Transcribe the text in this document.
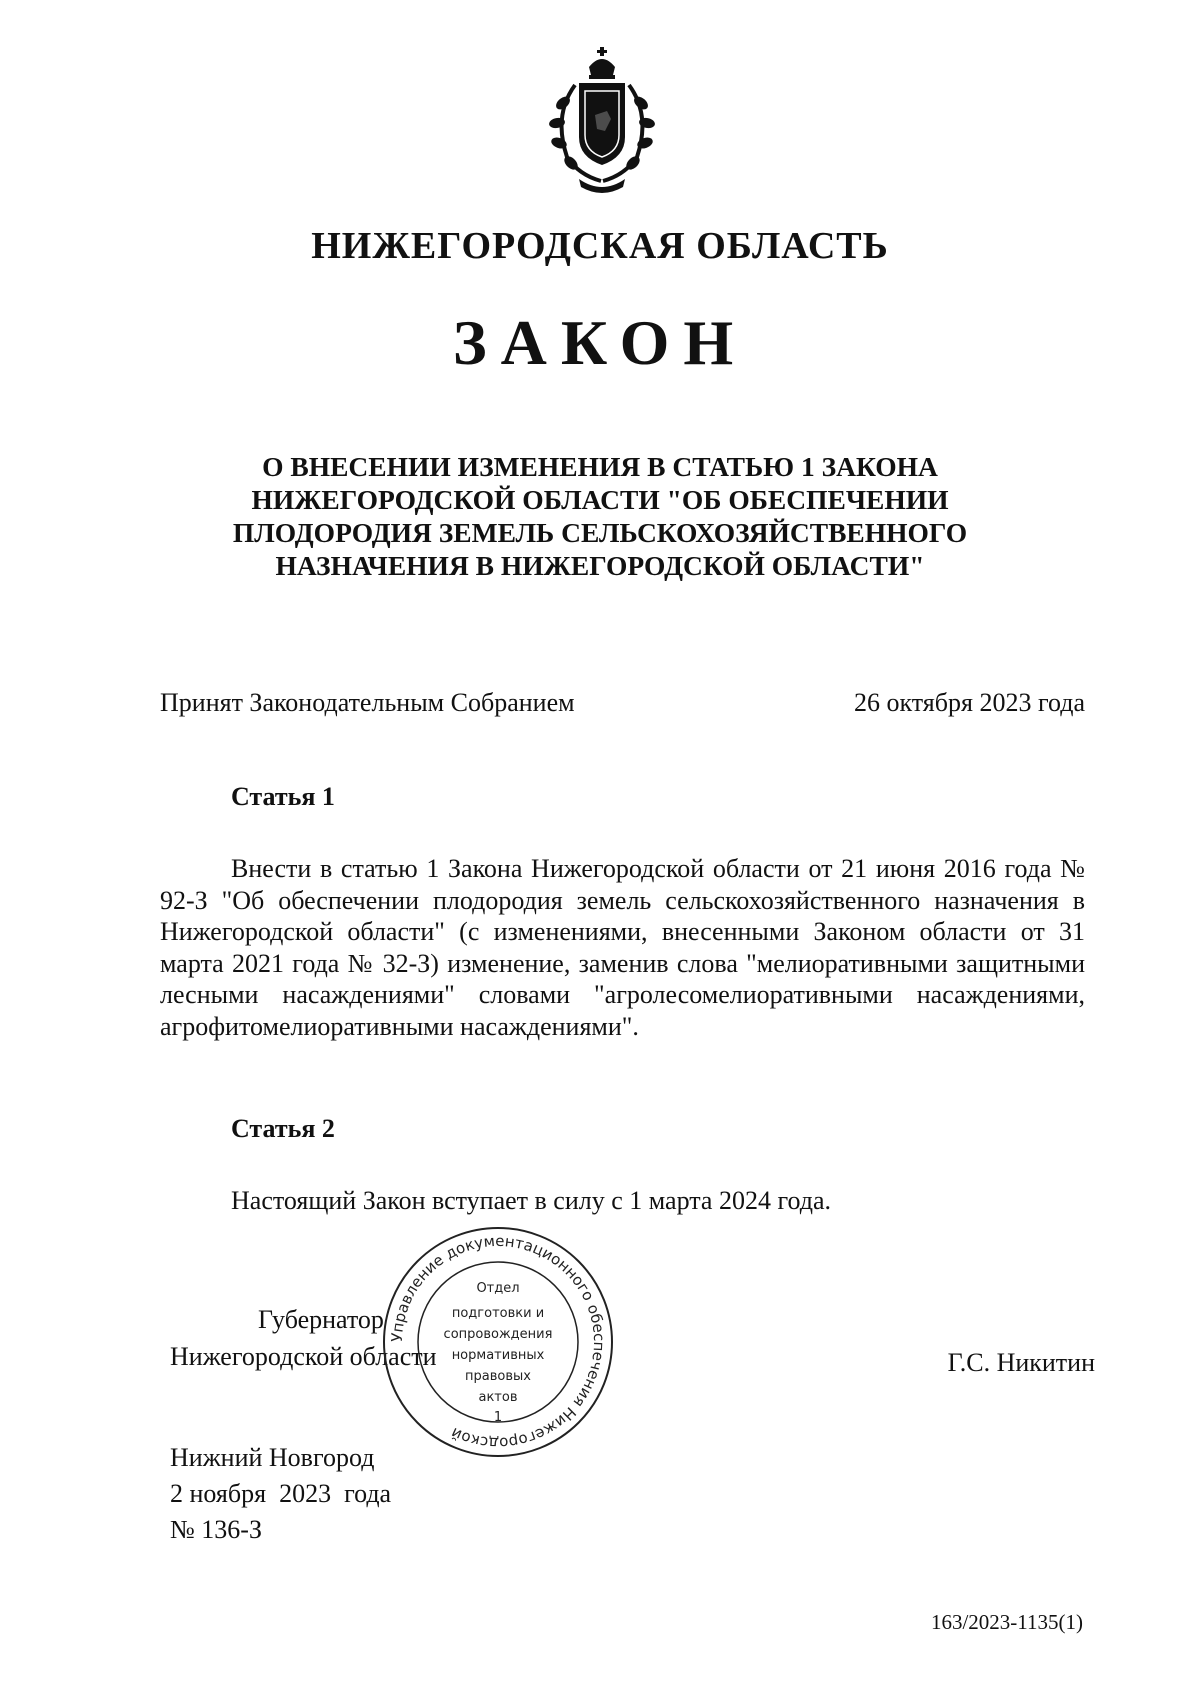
НИЖЕГОРОДСКАЯ ОБЛАСТЬ
ЗАКОН
О ВНЕСЕНИИ ИЗМЕНЕНИЯ В СТАТЬЮ 1 ЗАКОНА
НИЖЕГОРОДСКОЙ ОБЛАСТИ "ОБ ОБЕСПЕЧЕНИИ
ПЛОДОРОДИЯ ЗЕМЕЛЬ СЕЛЬСКОХОЗЯЙСТВЕННОГО
НАЗНАЧЕНИЯ В НИЖЕГОРОДСКОЙ ОБЛАСТИ"
Принят Законодательным Собранием	26 октября 2023 года
Статья 1
Внести в статью 1 Закона Нижегородской области от 21 июня 2016 года № 92-З "Об обеспечении плодородия земель сельскохозяйственного назначения в Нижегородской области" (с изменениями, внесенными Законом области от 31 марта 2021 года № 32-З) изменение, заменив слова "мелиоративными защитными лесными насаждениями" словами "агролесомелиоративными насаждениями, агрофитомелиоративными насаждениями".
Статья 2
Настоящий Закон вступает в силу с 1 марта 2024 года.
Губернатор
Нижегородской области	Г.С. Никитин
Управление документационного обеспечения Нижегородской
Отдел
подготовки и
сопровождения
нормативных
правовых
актов
1
Нижний Новгород
2 ноября  2023  года
№ 136-З
163/2023-1135(1)
